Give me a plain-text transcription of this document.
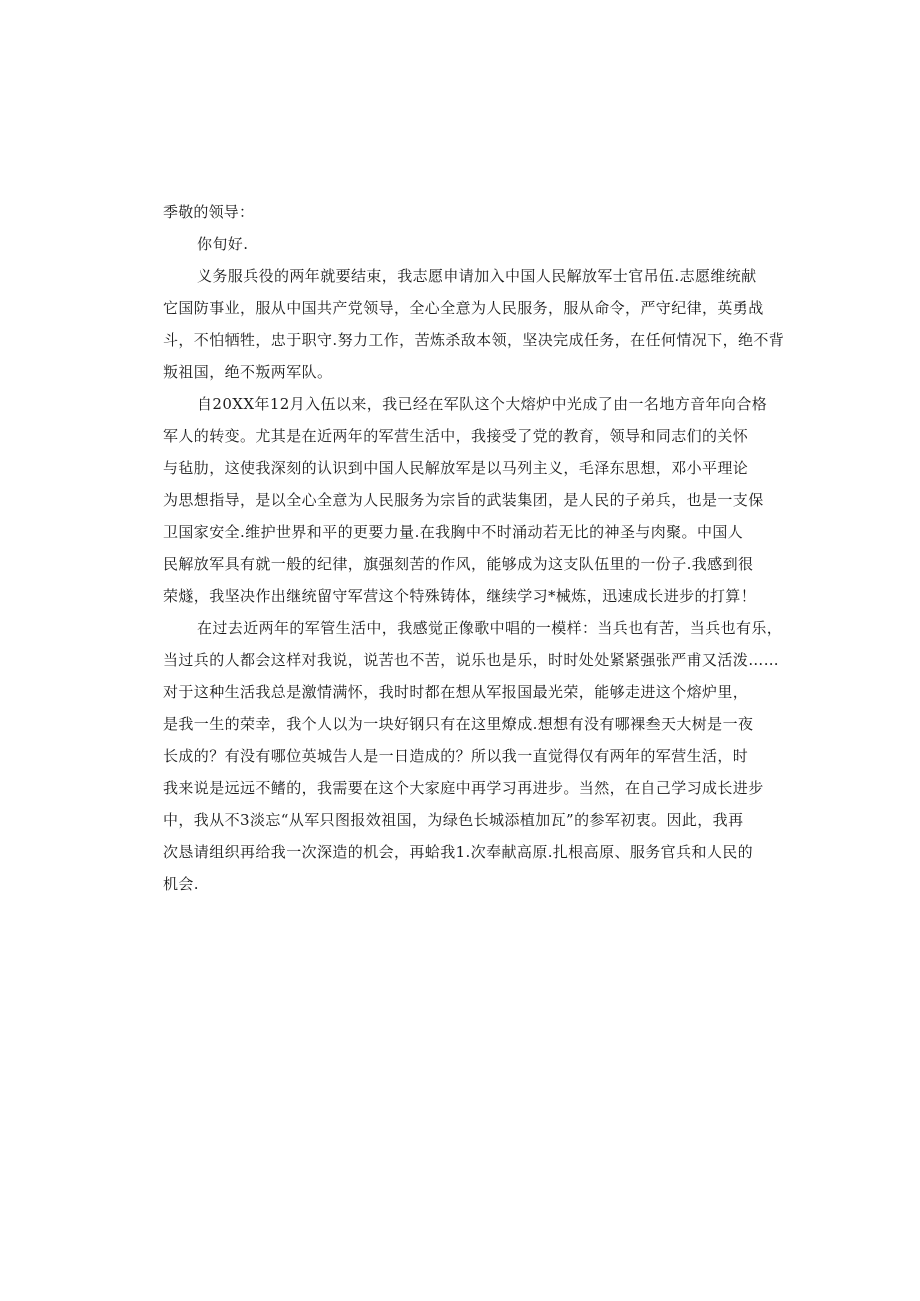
季敬的领导：
你旬好.
义务服兵役的两年就要结束，我志愿申请加入中国人民解放军士官吊伍.志愿维统献
它国防事业，服从中国共产党领导，全心全意为人民服务，服从命令，严守纪律，英勇战
斗，不怕牺牲，忠于职守.努力工作，苦炼杀敌本领，坚决完成任务，在任何情况下，绝不背
叛祖国，绝不叛两军队。
自20XX年12月入伍以来，我已经在军队这个大熔炉中光成了由一名地方音年向合格
军人的转变。尤其是在近两年的军营生活中，我接受了党的教育，领导和同志们的关怀
与毡肋，这使我深刻的认识到中国人民解放军是以马列主义，毛泽东思想，邓小平理论
为思想指导，是以全心全意为人民服务为宗旨的武装集团，是人民的子弟兵，也是一支保
卫国家安全.维护世界和平的更要力量.在我胸中不时涌动若无比的神圣与肉聚。中国人
民解放军具有就一般的纪律，旗强刻苦的作风，能够成为这支队伍里的一份子.我感到很
荣燧，我坚决作出继统留守军营这个特殊铸体，继续学习*械炼，迅速成长进步的打算！
在过去近两年的军管生活中，我感觉正像歌中唱的一模样：当兵也有苦，当兵也有乐，
当过兵的人都会这样对我说，说苦也不苦，说乐也是乐，时时处处紧紧强张严甫又活泼……
对于这种生活我总是激情满怀，我时时都在想从军报国最光荣，能够走进这个熔炉里，
是我一生的荣幸，我个人以为一块好钢只有在这里燎成.想想有没有哪裸叁天大树是一夜
长成的？有没有哪位英城告人是一日造成的？所以我一直觉得仅有两年的军营生活，时
我来说是远远不鳍的，我需要在这个大家庭中再学习再进步。当然，在自己学习成长进步
中，我从不3淡忘“从军只图报效祖国，为绿色长城添植加瓦”的参军初衷。因此，我再
次恳请组织再给我一次深造的机会，再蛤我1.次奉献高原.扎根高原、服务官兵和人民的
机会.
